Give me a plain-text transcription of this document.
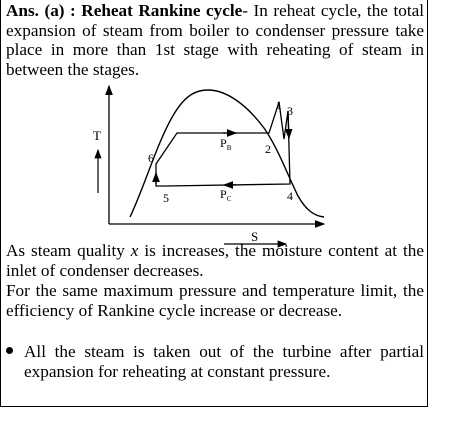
Ans. (a) : Reheat Rankine cycle- In reheat cycle, the total expansion of steam from boiler to condenser pressure take place in more than 1st stage with reheating of steam in between the stages.
T
S
6
5	4
1 3
2
$P_B$
$P_C$
As steam quality x is increases, the moisture content at the inlet of condenser decreases.
For the same maximum pressure and temperature limit, the efficiency of Rankine cycle increase or decrease.
All the steam is taken out of the turbine after partial expansion for reheating at constant pressure.
